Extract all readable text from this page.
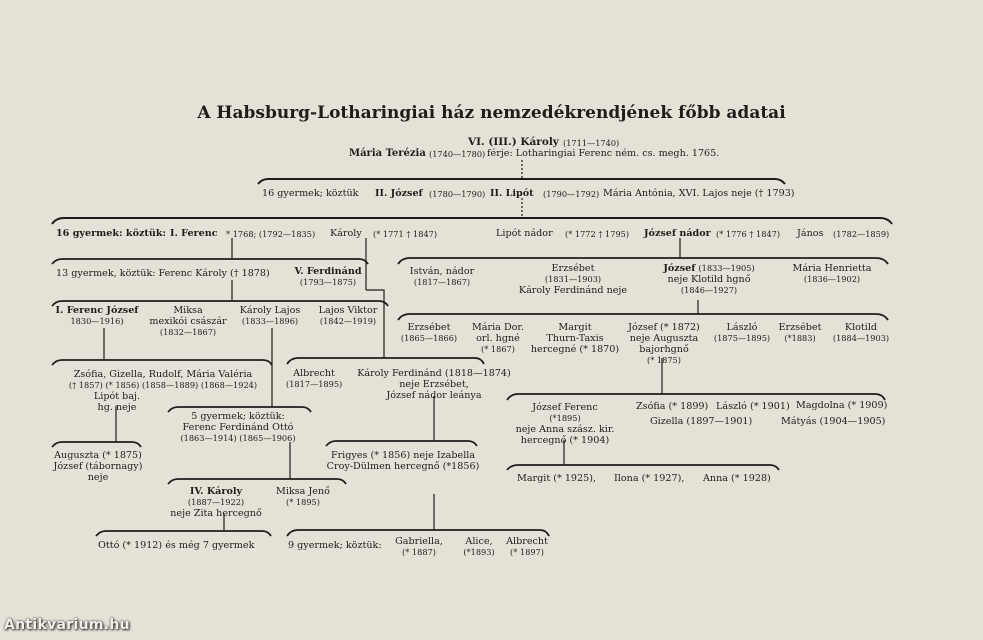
A Habsburg-Lotharingiai ház nemzedékrendjének főbb adatai
VI. (III.) Károly (1711—1740)
Mária Terézia (1740—1780) férje: Lotharingiai Ferenc ném. cs. megh. 1765.
16 gyermek; köztük II. József (1780—1790) II. Lipót (1790—1792) Mária Antónia, XVI. Lajos neje († 1793)
16 gyermek: köztük: I. Ferenc * 1768; (1792—1835) Károly (* 1771 † 1847)	Lipót nádor (* 1772 † 1795) József nádor (* 1776 † 1847) János (1782—1859)
13 gyermek, köztük: Ferenc Károly († 1878)	V. Ferdinánd
(1793—1875)
István, nádor
(1817—1867)
Erzsébet
(1831—1903)
Károly Ferdinánd neje
József (1833—1905)
neje Klotild hgnő
(1846—1927)
Mária Henrietta
(1836—1902)
I. Ferenc József
1830—1916)
Miksa
mexikói császár
(1832—1867)
Károly Lajos
(1833—1896)
Lajos Viktor
(1842—1919)
Erzsébet
(1865—1866)
Mária Dor.
orl. hgné
(* 1867)
Margit
Thurn-Taxis
hercegné (* 1870)
József (* 1872)
neje Auguszta
bajorhgnő
(* 1875)
László
(1875—1895)
Erzsébet
(*1883)
Klotild
(1884—1903)
Zsófia, Gizella, Rudolf, Mária Valéria
(† 1857) (* 1856) (1858—1889) (1868—1924)
Lipót baj.
hg. neje
Albrecht
(1817—1895)
Károly Ferdinánd (1818—1874)
neje Erzsébet,
József nádor leánya
5 gyermek; köztük:
Ferenc Ferdinánd Ottó
(1863—1914) (1865—1906)
Auguszta (* 1875)
József (tábornagy)
neje
Frigyes (* 1856) neje Izabella
Croy-Dülmen hercegnő (*1856)
József Ferenc
(*1895)
neje Anna szász. kir.
hercegnő (* 1904)
Zsófia (* 1899) László (* 1901) Magdolna (* 1909)
Gizella (1897—1901)	Mátyás (1904—1905)
IV. Károly
(1887—1922)
neje Zita hercegnő
Miksa Jenő
(* 1895)
Margit (* 1925), Ilona (* 1927), Anna (* 1928)
Ottó (* 1912) és még 7 gyermek	9 gyermek; köztük:	Gabriella,
(* 1887)
Alice,
(*1893)
Albrecht
(* 1897)
Antikvarium.hu
